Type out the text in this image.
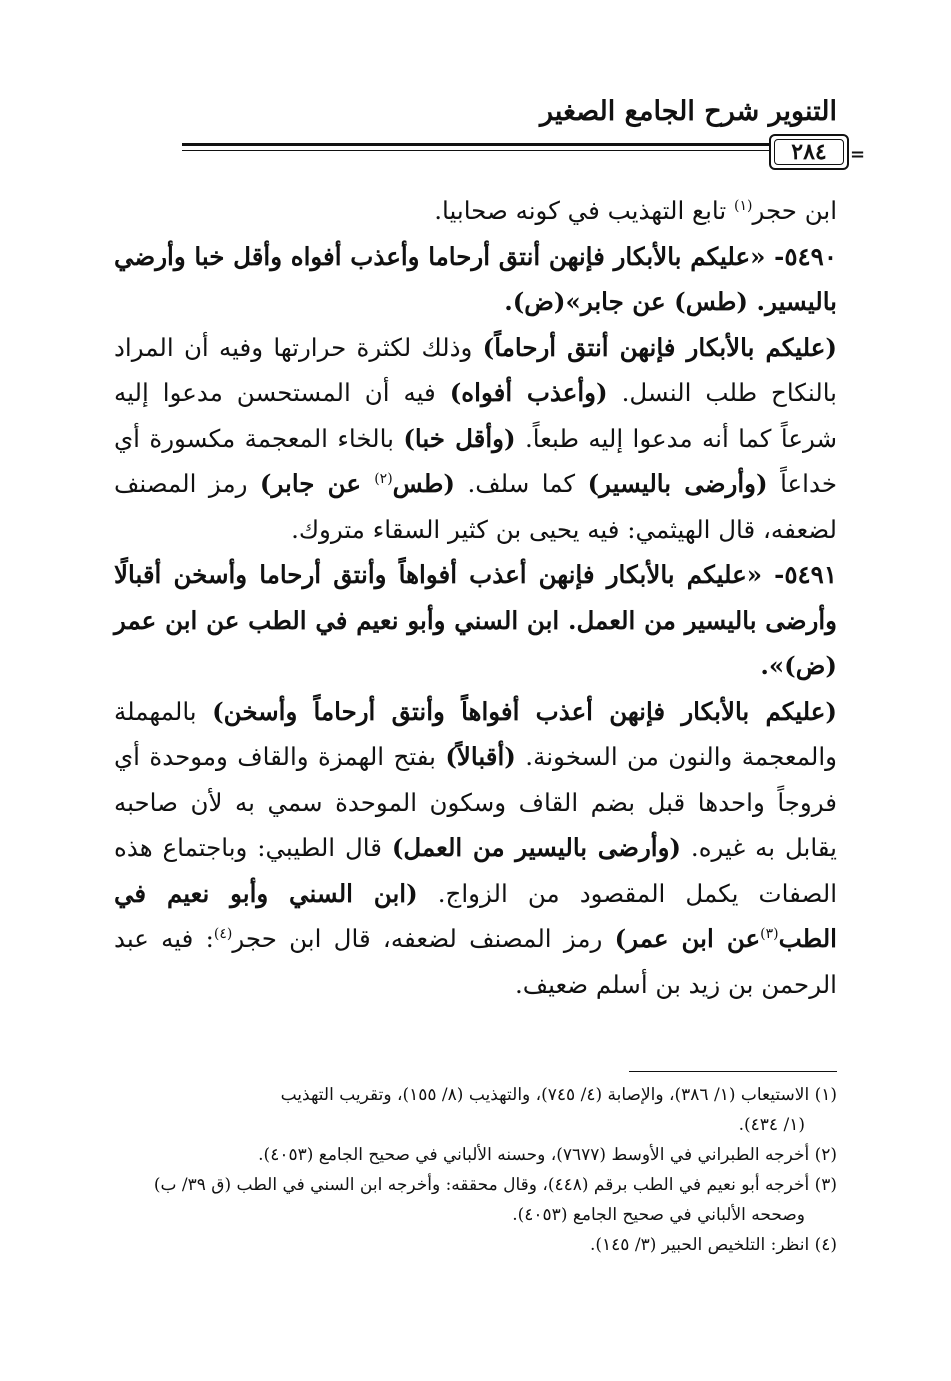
التنوير شرح الجامع الصغير
٢٨٤ =

ابن حجر$^{(١)}$ تابع التهذيب في كونه صحابيا.

٥٤٩٠- «عليكم بالأبكار فإنهن أنتق أرحاما وأعذب أفواه وأقل خبا وأرضي باليسير. (طس) عن جابر»(ض).

(عليكم بالأبكار فإنهن أنتق أرحاماً) وذلك لكثرة حرارتها وفيه أن المراد بالنكاح طلب النسل. (وأعذب أفواه) فيه أن المستحسن مدعوا إليه شرعاً كما أنه مدعوا إليه طبعاً. (وأقل خبا) بالخاء المعجمة مكسورة أي خداعاً (وأرضى باليسير) كما سلف. (طس$^{(٢)}$ عن جابر) رمز المصنف لضعفه، قال الهيثمي: فيه يحيى بن كثير السقاء متروك.

٥٤٩١- «عليكم بالأبكار فإنهن أعذب أفواهاً وأنتق أرحاما وأسخن أقبالًا وأرضى باليسير من العمل. ابن السني وأبو نعيم في الطب عن ابن عمر (ض)».

(عليكم بالأبكار فإنهن أعذب أفواهاً وأنتق أرحاماً وأسخن) بالمهملة والمعجمة والنون من السخونة. (أقبالاً) بفتح الهمزة والقاف وموحدة أي فروجاً واحدها قبل بضم القاف وسكون الموحدة سمي به لأن صاحبه يقابل به غيره. (وأرضى باليسير من العمل) قال الطيبي: وباجتماع هذه الصفات يكمل المقصود من الزواج. (ابن السني وأبو نعيم في الطب$^{(٣)}$عن ابن عمر) رمز المصنف لضعفه، قال ابن حجر$^{(٤)}$: فيه عبد الرحمن بن زيد بن أسلم ضعيف.

(١) الاستيعاب (١/ ٣٨٦)، والإصابة (٤/ ٧٤٥)، والتهذيب (٨/ ١٥٥)، وتقريب التهذيب

(١/ ٤٣٤).

(٢) أخرجه الطبراني في الأوسط (٧٦٧٧)، وحسنه الألباني في صحيح الجامع (٤٠٥٣).

(٣) أخرجه أبو نعيم في الطب برقم (٤٤٨)، وقال محققه: وأخرجه ابن السني في الطب (ق ٣٩/ ب)

وصححه الألباني في صحيح الجامع (٤٠٥٣).

(٤) انظر: التلخيص الحبير (٣/ ١٤٥).
